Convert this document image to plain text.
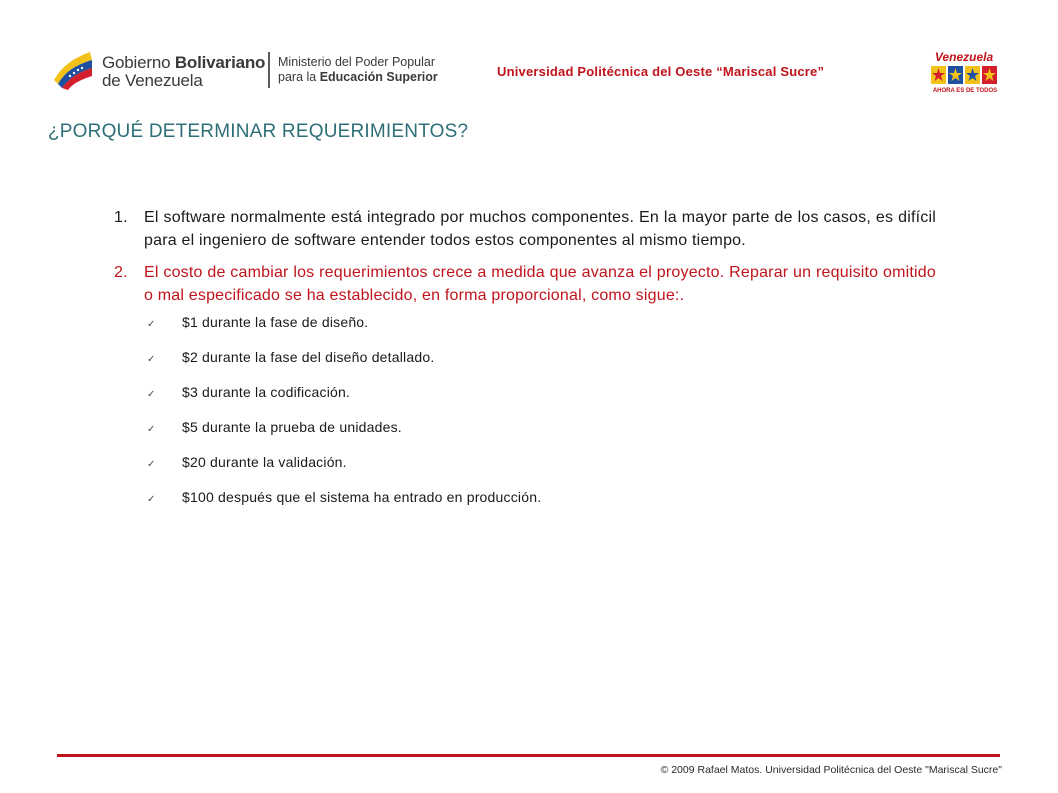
Gobierno Bolivariano
de Venezuela
Ministerio del Poder Popular
para la Educación Superior	Universidad Politécnica del Oeste “Mariscal Sucre”
Venezuela
AHORA ES DE TODOS
¿PORQUÉ DETERMINAR REQUERIMIENTOS?
1. El software normalmente está integrado por muchos componentes. En la mayor parte de los casos, es difícil para el ingeniero de software entender todos estos componentes al mismo tiempo.
2. El costo de cambiar los requerimientos crece a medida que avanza el proyecto. Reparar un requisito omitido o mal especificado se ha establecido, en forma proporcional, como sigue:.
✓ $1 durante la fase de diseño.
✓ $2 durante la fase del diseño detallado.
✓ $3 durante la codificación.
✓ $5 durante la prueba de unidades.
✓ $20 durante la validación.
✓ $100 después que el sistema ha entrado en producción.
© 2009 Rafael Matos. Universidad Politécnica del Oeste "Mariscal Sucre"
